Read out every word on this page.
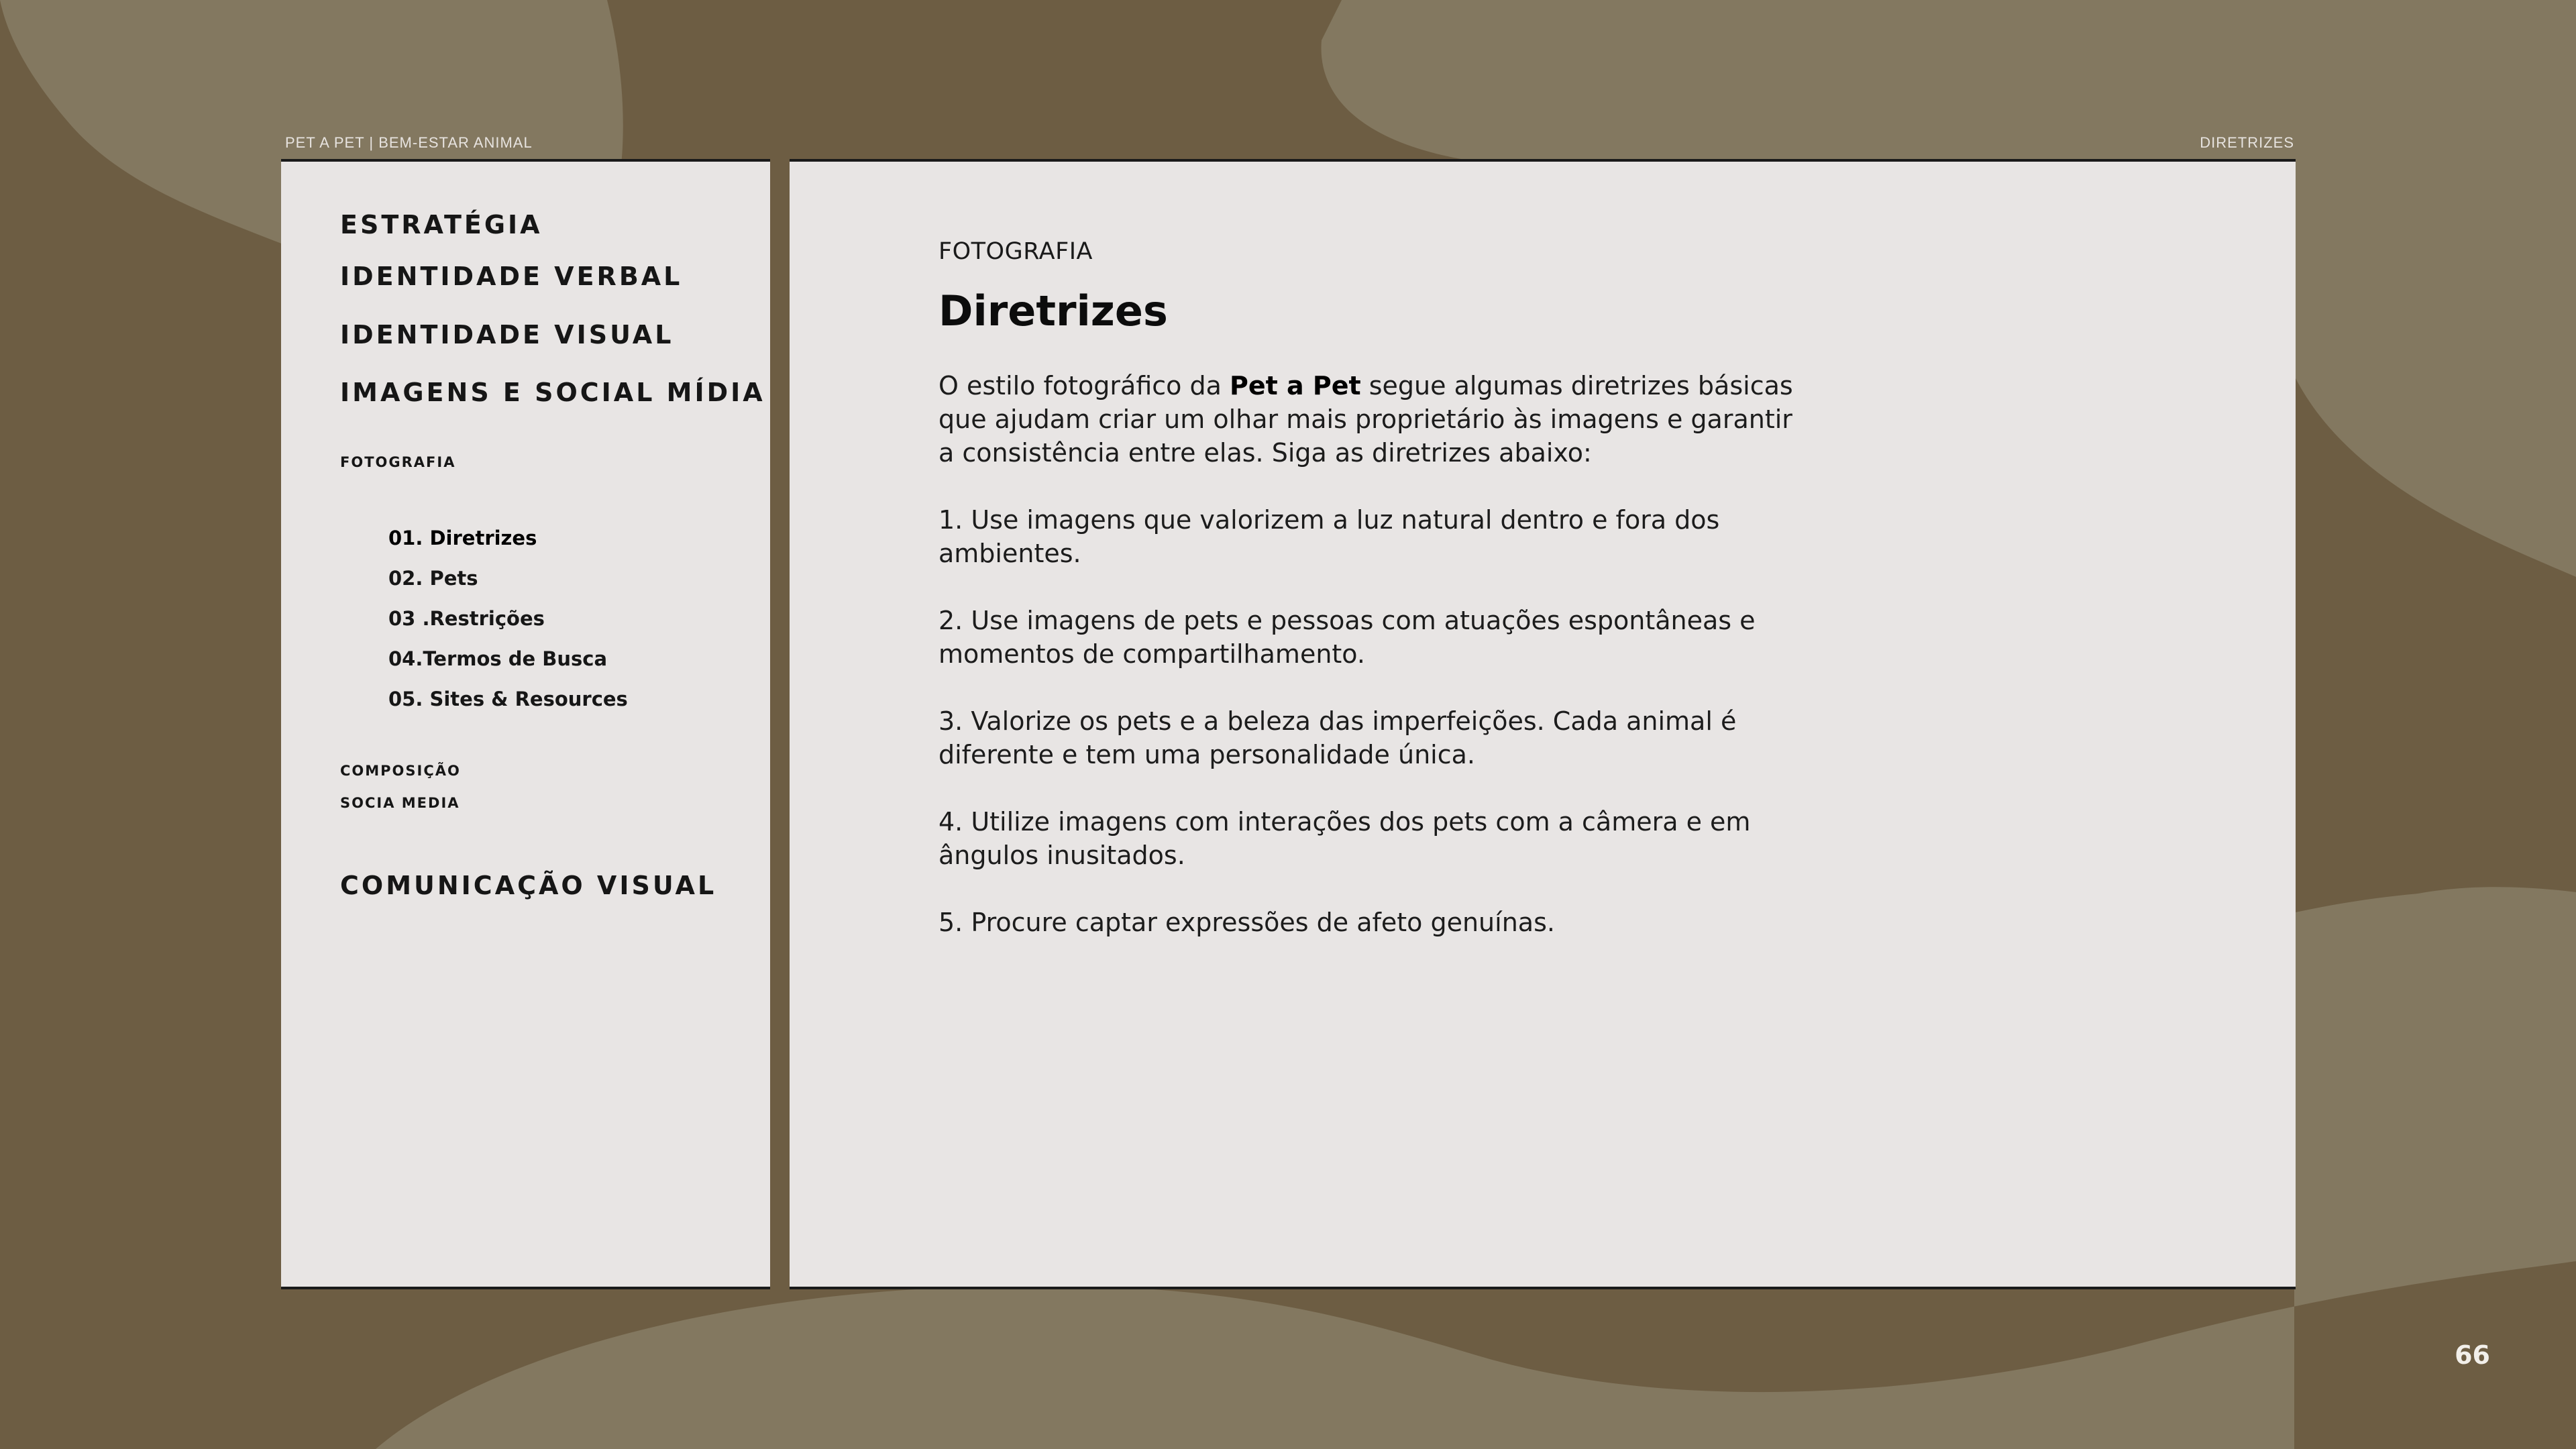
PET A PET | BEM-ESTAR ANIMAL	DIRETRIZES
ESTRATÉGIA
IDENTIDADE VERBAL
IDENTIDADE VISUAL
IMAGENS E SOCIAL MÍDIA
FOTOGRAFIA
01. Diretrizes
02. Pets
03 .Restrições
04.Termos de Busca
05. Sites & Resources
COMPOSIÇÃO
SOCIA MEDIA
COMUNICAÇÃO VISUAL
FOTOGRAFIA
Diretrizes

O estilo fotográfico da Pet a Pet segue algumas diretrizes básicas que ajudam criar um olhar mais proprietário às imagens e garantir a consistência entre elas. Siga as diretrizes abaixo:

1. Use imagens que valorizem a luz natural dentro e fora dos ambientes.

2. Use imagens de pets e pessoas com atuações espontâneas e momentos de compartilhamento.

3. Valorize os pets e a beleza das imperfeições. Cada animal é diferente e tem uma personalidade única.

4. Utilize imagens com interações dos pets com a câmera e em ângulos inusitados.

5. Procure captar expressões de afeto genuínas.

66
